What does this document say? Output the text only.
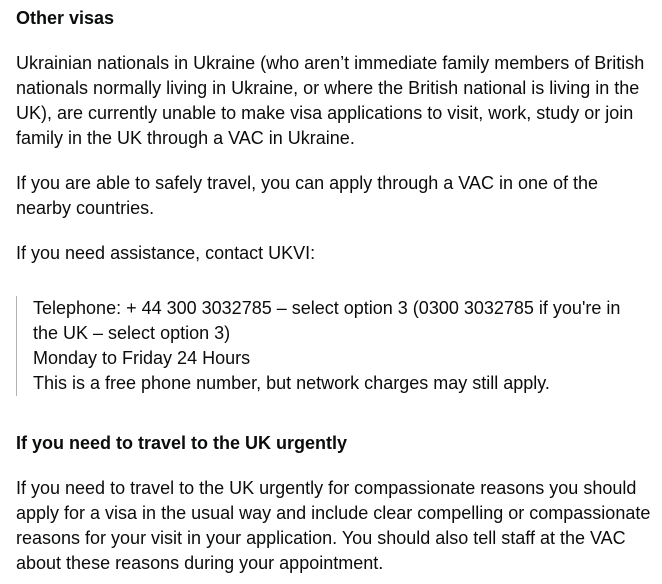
Other visas

Ukrainian nationals in Ukraine (who aren’t immediate family members of British nationals normally living in Ukraine, or where the British national is living in the UK), are currently unable to make visa applications to visit, work, study or join family in the UK through a VAC in Ukraine.

If you are able to safely travel, you can apply through a VAC in one of the nearby countries.

If you need assistance, contact UKVI:

Telephone: + 44 300 3032785 – select option 3 (0300 3032785 if you're in the UK – select option 3)

Monday to Friday 24 Hours

This is a free phone number, but network charges may still apply.

If you need to travel to the UK urgently

If you need to travel to the UK urgently for compassionate reasons you should apply for a visa in the usual way and include clear compelling or compassionate reasons for your visit in your application. You should also tell staff at the VAC about these reasons during your appointment.
